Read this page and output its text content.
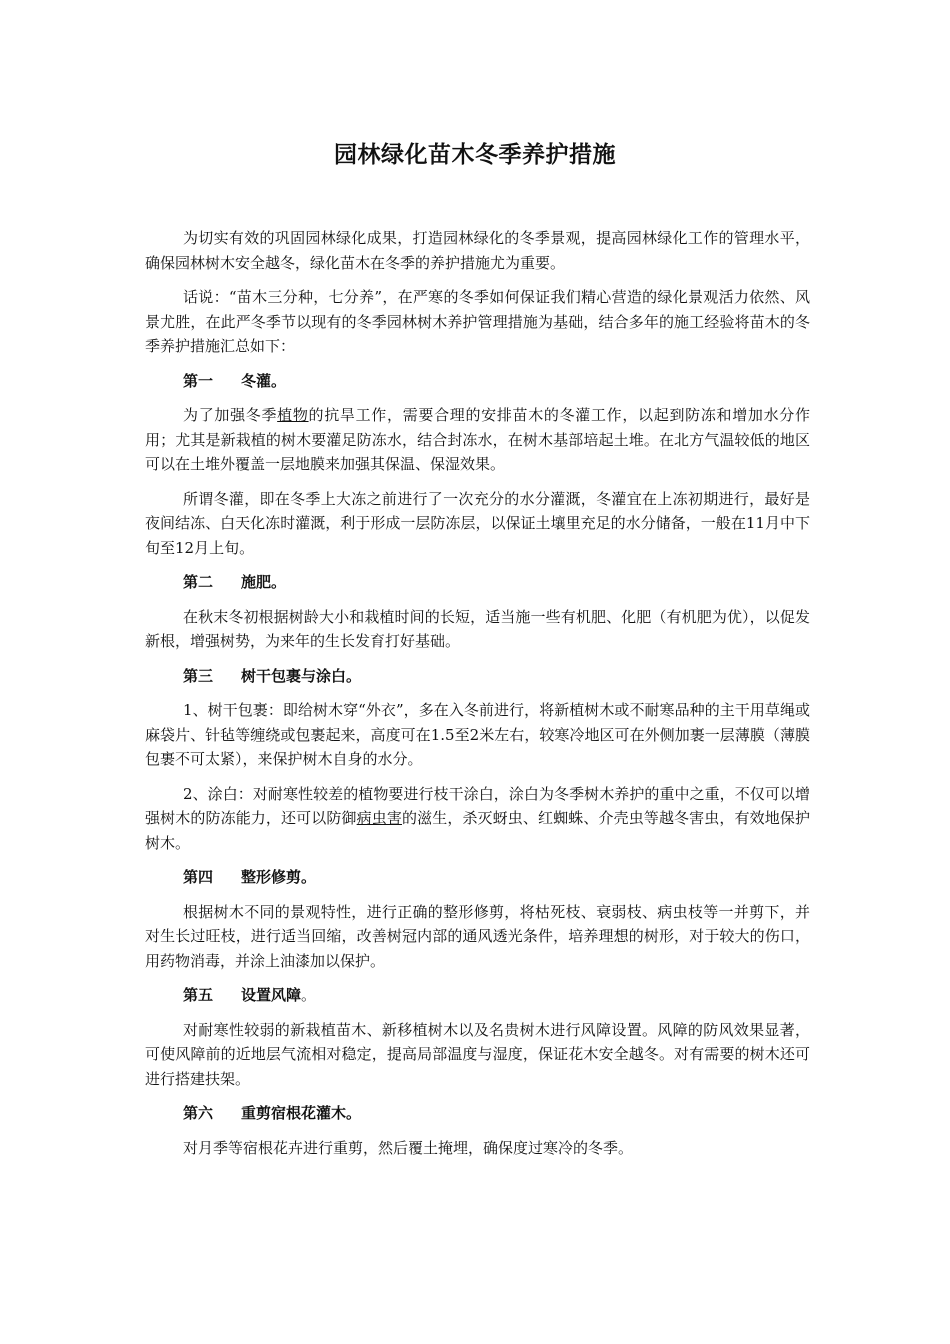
园林绿化苗木冬季养护措施

为切实有效的巩固园林绿化成果，打造园林绿化的冬季景观，提高园林绿化工作的管理水平，确保园林树木安全越冬，绿化苗木在冬季的养护措施尤为重要。

话说：“苗木三分种，七分养”，在严寒的冬季如何保证我们精心营造的绿化景观活力依然、风景尤胜，在此严冬季节以现有的冬季园林树木养护管理措施为基础，结合多年的施工经验将苗木的冬季养护措施汇总如下：

第一 冬灌。

为了加强冬季植物的抗旱工作，需要合理的安排苗木的冬灌工作，以起到防冻和增加水分作用；尤其是新栽植的树木要灌足防冻水，结合封冻水，在树木基部培起土堆。在北方气温较低的地区可以在土堆外覆盖一层地膜来加强其保温、保湿效果。

所谓冬灌，即在冬季上大冻之前进行了一次充分的水分灌溉，冬灌宜在上冻初期进行，最好是夜间结冻、白天化冻时灌溉，利于形成一层防冻层，以保证土壤里充足的水分储备，一般在11月中下旬至12月上旬。

第二 施肥。

在秋末冬初根据树龄大小和栽植时间的长短，适当施一些有机肥、化肥（有机肥为优），以促发新根，增强树势，为来年的生长发育打好基础。

第三 树干包裹与涂白。

1、树干包裹：即给树木穿“外衣”，多在入冬前进行，将新植树木或不耐寒品种的主干用草绳或麻袋片、针毡等缠绕或包裹起来，高度可在1.5至2米左右，较寒冷地区可在外侧加裹一层薄膜（薄膜包裹不可太紧），来保护树木自身的水分。

2、涂白：对耐寒性较差的植物要进行枝干涂白，涂白为冬季树木养护的重中之重，不仅可以增强树木的防冻能力，还可以防御病虫害的滋生，杀灭蚜虫、红蜘蛛、介壳虫等越冬害虫，有效地保护树木。

第四 整形修剪。

根据树木不同的景观特性，进行正确的整形修剪，将枯死枝、衰弱枝、病虫枝等一并剪下，并对生长过旺枝，进行适当回缩，改善树冠内部的通风透光条件，培养理想的树形，对于较大的伤口，用药物消毒，并涂上油漆加以保护。

第五 设置风障。

对耐寒性较弱的新栽植苗木、新移植树木以及名贵树木进行风障设置。风障的防风效果显著，可使风障前的近地层气流相对稳定，提高局部温度与湿度，保证花木安全越冬。对有需要的树木还可进行搭建扶架。

第六 重剪宿根花灌木。

对月季等宿根花卉进行重剪，然后覆土掩埋，确保度过寒冷的冬季。
